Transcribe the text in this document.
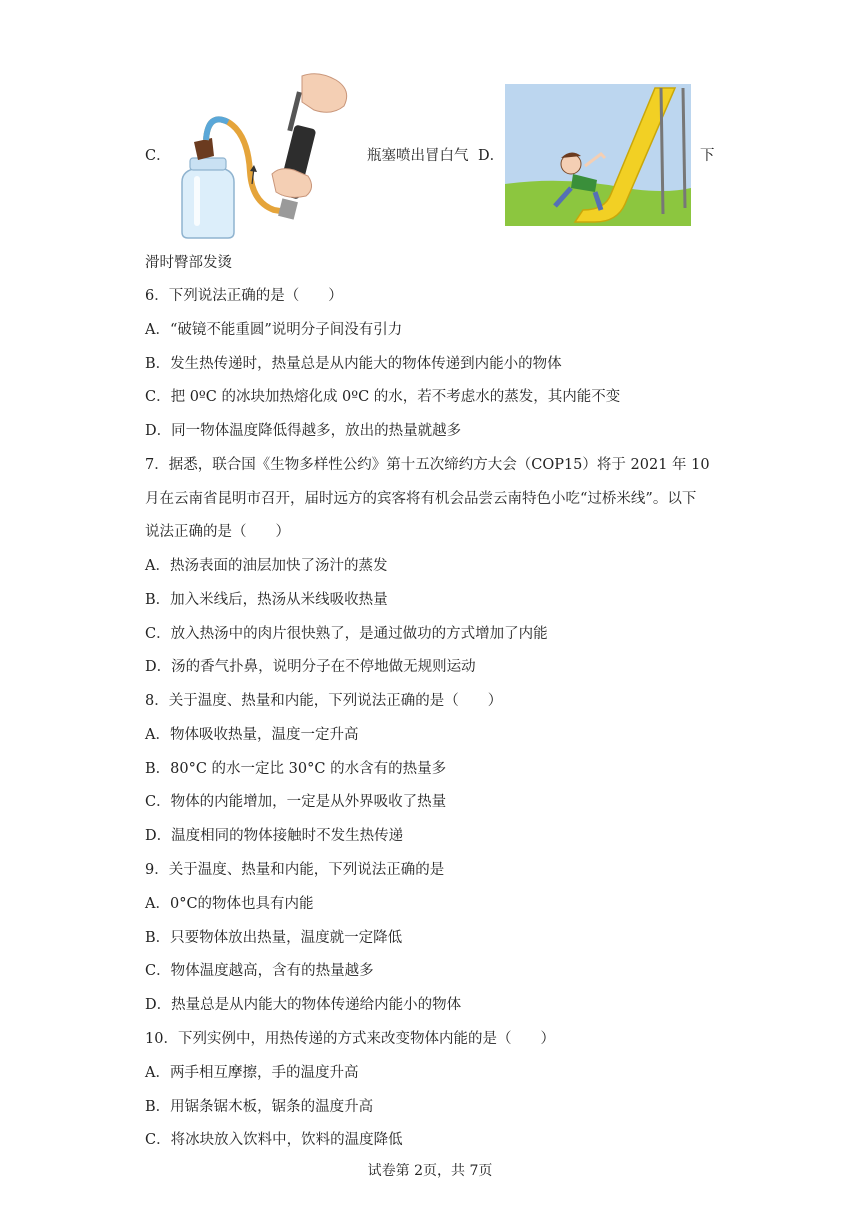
C．	瓶塞喷出冒白气 D．	下
滑时臀部发烫
6．下列说法正确的是（　　）
A．“破镜不能重圆”说明分子间没有引力
B．发生热传递时，热量总是从内能大的物体传递到内能小的物体
C．把 0ºC 的冰块加热熔化成 0ºC 的水，若不考虑水的蒸发，其内能不变
D．同一物体温度降低得越多，放出的热量就越多
7．据悉，联合国《生物多样性公约》第十五次缔约方大会（COP15）将于 2021 年 10
月在云南省昆明市召开，届时远方的宾客将有机会品尝云南特色小吃“过桥米线”。以下
说法正确的是（　　）
A．热汤表面的油层加快了汤汁的蒸发
B．加入米线后，热汤从米线吸收热量
C．放入热汤中的肉片很快熟了，是通过做功的方式增加了内能
D．汤的香气扑鼻，说明分子在不停地做无规则运动
8．关于温度、热量和内能，下列说法正确的是（　　）
A．物体吸收热量，温度一定升高
B．80°C 的水一定比 30°C 的水含有的热量多
C．物体的内能增加，一定是从外界吸收了热量
D．温度相同的物体接触时不发生热传递
9．关于温度、热量和内能，下列说法正确的是
A．0°C的物体也具有内能
B．只要物体放出热量，温度就一定降低
C．物体温度越高，含有的热量越多
D．热量总是从内能大的物体传递给内能小的物体
10．下列实例中，用热传递的方式来改变物体内能的是（　　）
A．两手相互摩擦，手的温度升高
B．用锯条锯木板，锯条的温度升高
C．将冰块放入饮料中，饮料的温度降低
试卷第 2页，共 7页
